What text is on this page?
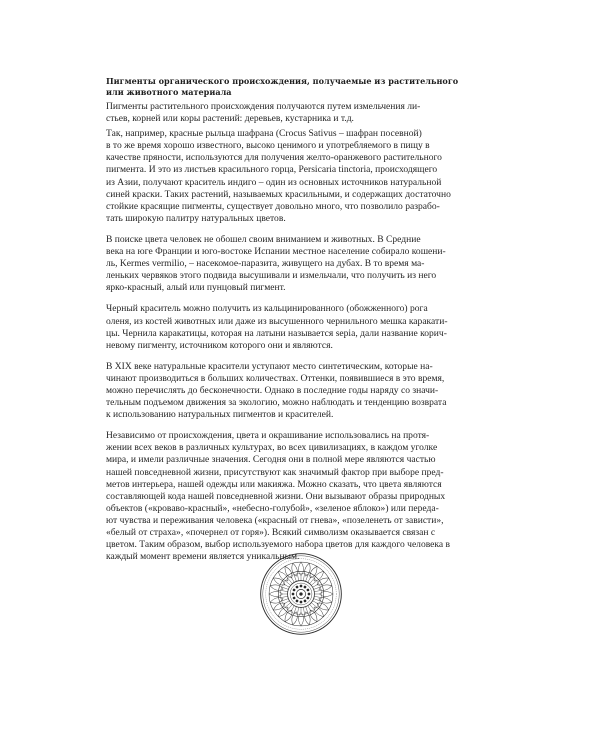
Пигменты органического происхождения, получаемые из растительного
или животного материала

Пигменты растительного происхождения получаются путем измельчения ли-
стьев, корней или коры растений: деревьев, кустарника и т.д.

Так, например, красные рыльца шафрана (Crocus Sativus – шафран посевной)
в то же время хорошо известного, высоко ценимого и употребляемого в пищу в
качестве пряности, используются для получения желто-оранжевого растительного
пигмента. И это из листьев красильного горца, Persicaria tinctoria, происходящего
из Азии, получают краситель индиго – один из основных источников натуральной
синей краски. Таких растений, называемых красильными, и содержащих достаточно
стойкие красящие пигменты, существует довольно много, что позволило разрабо-
тать широкую палитру натуральных цветов.

В поиске цвета человек не обошел своим вниманием и животных. В Средние
века на юге Франции и юго-востоке Испании местное население собирало кошени-
ль, Kermes vermilio, – насекомое-паразита, живущего на дубах. В то время ма-
леньких червяков этого подвида высушивали и измельчали, что получить из него
ярко-красный, алый или пунцовый пигмент.

Черный краситель можно получить из кальцинированного (обожженного) рога
оленя, из костей животных или даже из высушенного чернильного мешка каракати-
цы. Чернила каракатицы, которая на латыни называется sepia, дали название корич-
невому пигменту, источником которого они и являются.

В XIX веке натуральные красители уступают место синтетическим, которые на-
чинают производиться в больших количествах. Оттенки, появившиеся в это время,
можно перечислять до бесконечности. Однако в последние годы наряду со значи-
тельным подъемом движения за экологию, можно наблюдать и тенденцию возврата
к использованию натуральных пигментов и красителей.

Независимо от происхождения, цвета и окрашивание использовались на протя-
жении всех веков в различных культурах, во всех цивилизациях, в каждом уголке
мира, и имели различные значения. Сегодня они в полной мере являются частью
нашей повседневной жизни, присутствуют как значимый фактор при выборе пред-
метов интерьера, нашей одежды или макияжа. Можно сказать, что цвета являются
составляющей кода нашей повседневной жизни. Они вызывают образы природных
объектов («кроваво-красный», «небесно-голубой», «зеленое яблоко») или переда-
ют чувства и переживания человека («красный от гнева», «позеленеть от зависти»,
«белый от страха», «почернел от горя»). Всякий символизм оказывается связан с
цветом. Таким образом, выбор используемого набора цветов для каждого человека в
каждый момент времени является уникальным.
